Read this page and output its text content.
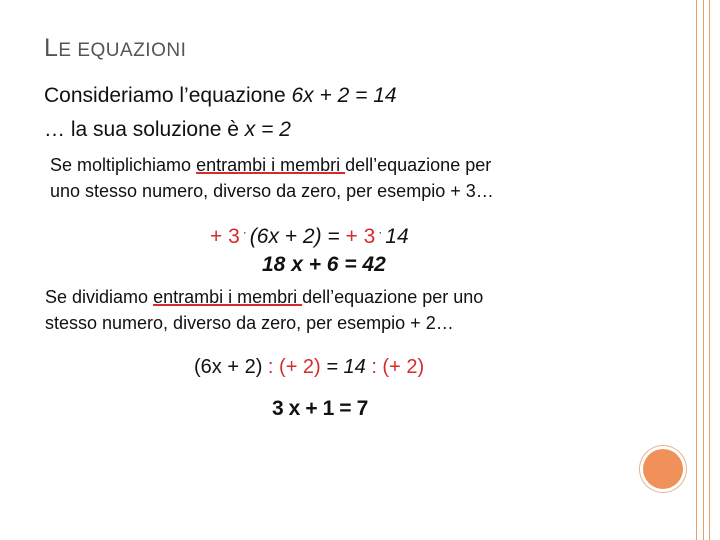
LE EQUAZIONI
Consideriamo l’equazione 6x + 2 = 14
… la sua soluzione è x = 2
Se moltiplichiamo entrambi i membri dell’equazione per
uno stesso numero, diverso da zero, per esempio + 3…
+ 3 · (6x + 2) = + 3 · 14
18 x + 6 = 42
Se dividiamo entrambi i membri dell’equazione per uno
stesso numero, diverso da zero, per esempio + 2…
(6x + 2) : (+ 2) = 14 : (+ 2)
3x+1=7
